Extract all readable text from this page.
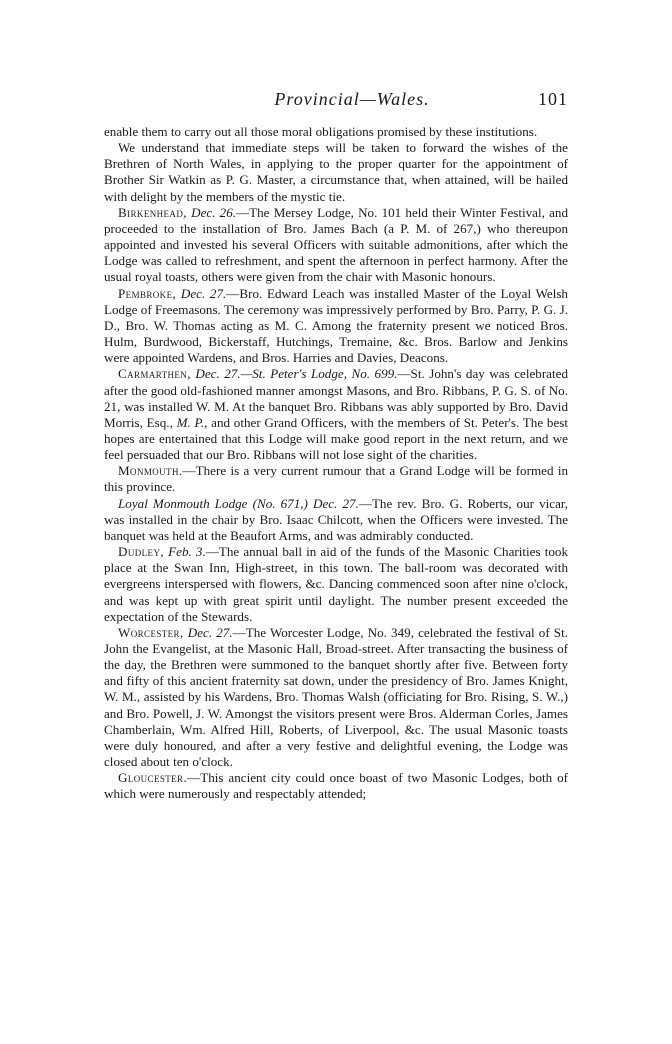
Provincial—Wales.	101

enable them to carry out all those moral obligations promised by these institutions.

We understand that immediate steps will be taken to forward the wishes of the Brethren of North Wales, in applying to the proper quarter for the appointment of Brother Sir Watkin as P. G. Master, a circumstance that, when attained, will be hailed with delight by the members of the mystic tie.

Birkenhead, Dec. 26.—The Mersey Lodge, No. 101 held their Winter Festival, and proceeded to the installation of Bro. James Bach (a P. M. of 267,) who thereupon appointed and invested his several Officers with suitable admonitions, after which the Lodge was called to refreshment, and spent the afternoon in perfect harmony. After the usual royal toasts, others were given from the chair with Masonic honours.

Pembroke, Dec. 27.—Bro. Edward Leach was installed Master of the Loyal Welsh Lodge of Freemasons. The ceremony was impressively performed by Bro. Parry, P. G. J. D., Bro. W. Thomas acting as M. C. Among the fraternity present we noticed Bros. Hulm, Burdwood, Bickerstaff, Hutchings, Tremaine, &c. Bros. Barlow and Jenkins were appointed Wardens, and Bros. Harries and Davies, Deacons.

Carmarthen, Dec. 27.—St. Peter's Lodge, No. 699.—St. John's day was celebrated after the good old-fashioned manner amongst Masons, and Bro. Ribbans, P. G. S. of No. 21, was installed W. M. At the banquet Bro. Ribbans was ably supported by Bro. David Morris, Esq., M. P., and other Grand Officers, with the members of St. Peter's. The best hopes are entertained that this Lodge will make good report in the next return, and we feel persuaded that our Bro. Ribbans will not lose sight of the charities.

Monmouth.—There is a very current rumour that a Grand Lodge will be formed in this province.

Loyal Monmouth Lodge (No. 671,) Dec. 27.—The rev. Bro. G. Roberts, our vicar, was installed in the chair by Bro. Isaac Chilcott, when the Officers were invested. The banquet was held at the Beaufort Arms, and was admirably conducted.

Dudley, Feb. 3.—The annual ball in aid of the funds of the Masonic Charities took place at the Swan Inn, High-street, in this town. The ball-room was decorated with evergreens interspersed with flowers, &c. Dancing commenced soon after nine o'clock, and was kept up with great spirit until daylight. The number present exceeded the expectation of the Stewards.

Worcester, Dec. 27.—The Worcester Lodge, No. 349, celebrated the festival of St. John the Evangelist, at the Masonic Hall, Broad-street. After transacting the business of the day, the Brethren were summoned to the banquet shortly after five. Between forty and fifty of this ancient fraternity sat down, under the presidency of Bro. James Knight, W. M., assisted by his Wardens, Bro. Thomas Walsh (officiating for Bro. Rising, S. W.,) and Bro. Powell, J. W. Amongst the visitors present were Bros. Alderman Corles, James Chamberlain, Wm. Alfred Hill, Roberts, of Liverpool, &c. The usual Masonic toasts were duly honoured, and after a very festive and delightful evening, the Lodge was closed about ten o'clock.

Gloucester.—This ancient city could once boast of two Masonic Lodges, both of which were numerously and respectably attended;
